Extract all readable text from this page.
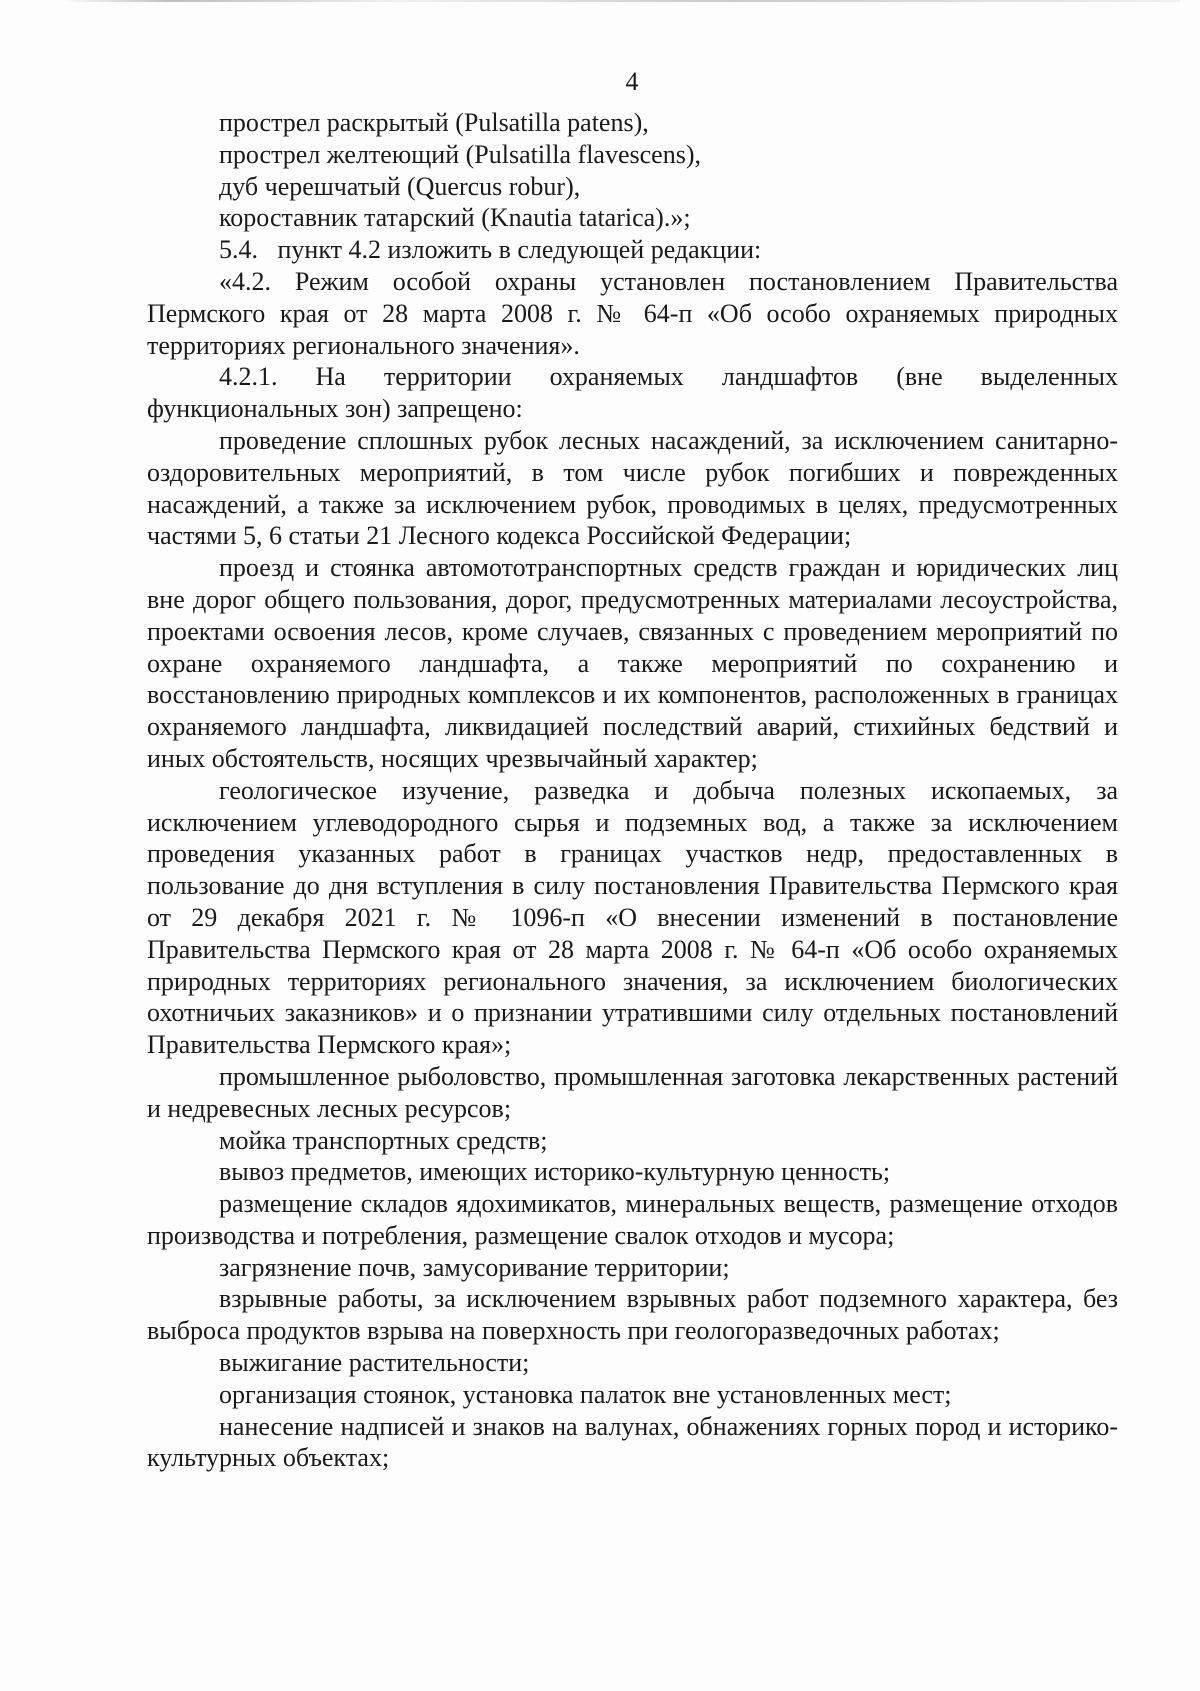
4

прострел раскрытый (Pulsatilla patens),

прострел желтеющий (Pulsatilla flavescens),

дуб черешчатый (Quercus robur),

короставник татарский (Knautia tatarica).»;

5.4.   пункт 4.2 изложить в следующей редакции:

«4.2. Режим особой охраны установлен постановлением Правительства Пермского края от 28 марта 2008 г. № 64-п «Об особо охраняемых природных территориях регионального значения».

4.2.1. На территории охраняемых ландшафтов (вне выделенных функциональных зон) запрещено:

проведение сплошных рубок лесных насаждений, за исключением санитарно-оздоровительных мероприятий, в том числе рубок погибших и поврежденных насаждений, а также за исключением рубок, проводимых в целях, предусмотренных частями 5, 6 статьи 21 Лесного кодекса Российской Федерации;

проезд и стоянка автомототранспортных средств граждан и юридических лиц вне дорог общего пользования, дорог, предусмотренных материалами лесоустройства, проектами освоения лесов, кроме случаев, связанных с проведением мероприятий по охране охраняемого ландшафта, а также мероприятий по сохранению и восстановлению природных комплексов и их компонентов, расположенных в границах охраняемого ландшафта, ликвидацией последствий аварий, стихийных бедствий и иных обстоятельств, носящих чрезвычайный характер;

геологическое изучение, разведка и добыча полезных ископаемых, за исключением углеводородного сырья и подземных вод, а также за исключением проведения указанных работ в границах участков недр, предоставленных в пользование до дня вступления в силу постановления Правительства Пермского края от 29 декабря 2021 г. № 1096-п «О внесении изменений в постановление Правительства Пермского края от 28 марта 2008 г. № 64-п «Об особо охраняемых природных территориях регионального значения, за исключением биологических охотничьих заказников» и о признании утратившими силу отдельных постановлений Правительства Пермского края»;

промышленное рыболовство, промышленная заготовка лекарственных растений и недревесных лесных ресурсов;

мойка транспортных средств;

вывоз предметов, имеющих историко-культурную ценность;

размещение складов ядохимикатов, минеральных веществ, размещение отходов производства и потребления, размещение свалок отходов и мусора;

загрязнение почв, замусоривание территории;

взрывные работы, за исключением взрывных работ подземного характера, без выброса продуктов взрыва на поверхность при геологоразведочных работах;

выжигание растительности;

организация стоянок, установка палаток вне установленных мест;

нанесение надписей и знаков на валунах, обнажениях горных пород и историко-культурных объектах;
